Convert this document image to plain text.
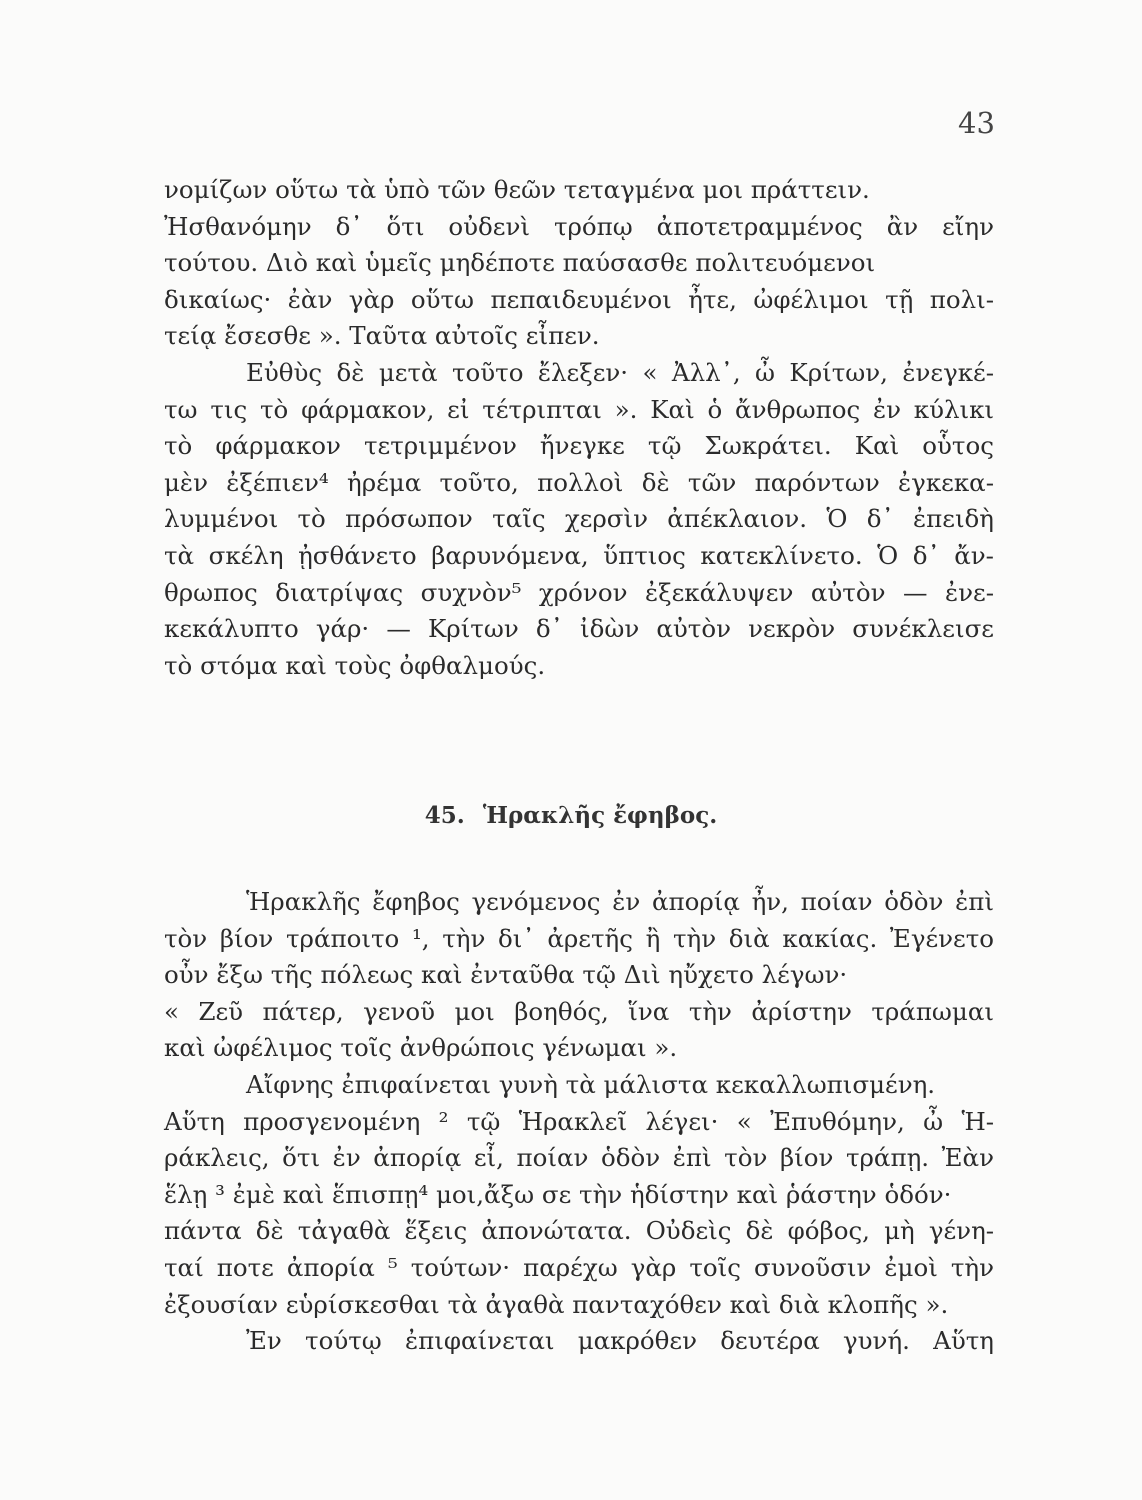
43
νομίζων οὕτω τὰ ὑπὸ τῶν θεῶν τεταγμένα μοι πράττειν.
Ἠσθανόμην δ᾽ ὅτι οὐδενὶ τρόπῳ ἀποτετραμμένος ἂν εἴην
τούτου. Διὸ καὶ ὑμεῖς μηδέποτε παύσασθε πολιτευόμενοι
δικαίως· ἐὰν γὰρ οὕτω πεπαιδευμένοι ἦτε, ὠφέλιμοι τῇ πολι-
τείᾳ ἔσεσθε ». Ταῦτα αὐτοῖς εἶπεν.
Εὐθὺς δὲ μετὰ τοῦτο ἔλεξεν· « Ἀλλ᾽, ὦ Κρίτων, ἐνεγκέ-
τω τις τὸ φάρμακον, εἰ τέτριπται ». Καὶ ὁ ἄνθρωπος ἐν κύλικι
τὸ φάρμακον τετριμμένον ἤνεγκε τῷ Σωκράτει. Καὶ οὗτος
μὲν ἐξέπιεν⁴ ἠρέμα τοῦτο, πολλοὶ δὲ τῶν παρόντων ἐγκεκα-
λυμμένοι τὸ πρόσωπον ταῖς χερσὶν ἀπέκλαιον. Ὁ δ᾽ ἐπειδὴ
τὰ σκέλη ᾐσθάνετο βαρυνόμενα, ὕπτιος κατεκλίνετο. Ὁ δ᾽ ἄν-
θρωπος διατρίψας συχνὸν⁵ χρόνον ἐξεκάλυψεν αὐτὸν — ἐνε-
κεκάλυπτο γάρ· — Κρίτων δ᾽ ἰδὼν αὐτὸν νεκρὸν συνέκλεισε
τὸ στόμα καὶ τοὺς ὀφθαλμούς.
45. Ἡρακλῆς ἔφηβος.
Ἡρακλῆς ἔφηβος γενόμενος ἐν ἀπορίᾳ ἦν, ποίαν ὁδὸν ἐπὶ
τὸν βίον τράποιτο ¹, τὴν δι᾽ ἀρετῆς ἢ τὴν διὰ κακίας. Ἐγένετο
οὖν ἔξω τῆς πόλεως καὶ ἐνταῦθα τῷ Διὶ ηὔχετο λέγων·
« Ζεῦ πάτερ, γενοῦ μοι βοηθός, ἵνα τὴν ἀρίστην τράπωμαι
καὶ ὠφέλιμος τοῖς ἀνθρώποις γένωμαι ».
Αἴφνης ἐπιφαίνεται γυνὴ τὰ μάλιστα κεκαλλωπισμένη.
Αὕτη προσγενομένη ² τῷ Ἡρακλεῖ λέγει· « Ἐπυθόμην, ὦ Ἡ-
ράκλεις, ὅτι ἐν ἀπορίᾳ εἶ, ποίαν ὁδὸν ἐπὶ τὸν βίον τράπῃ. Ἐὰν
ἕλῃ ³ ἐμὲ καὶ ἕπισπῃ⁴ μοι,ἄξω σε τὴν ἡδίστην καὶ ῥάστην ὁδόν·
πάντα δὲ τἀγαθὰ ἕξεις ἀπονώτατα. Οὐδεὶς δὲ φόβος, μὴ γένη-
ταί ποτε ἀπορία ⁵ τούτων· παρέχω γὰρ τοῖς συνοῦσιν ἐμοὶ τὴν
ἐξουσίαν εὑρίσκεσθαι τὰ ἀγαθὰ πανταχόθεν καὶ διὰ κλοπῆς ».
Ἐν τούτῳ ἐπιφαίνεται μακρόθεν δευτέρα γυνή. Αὕτη
